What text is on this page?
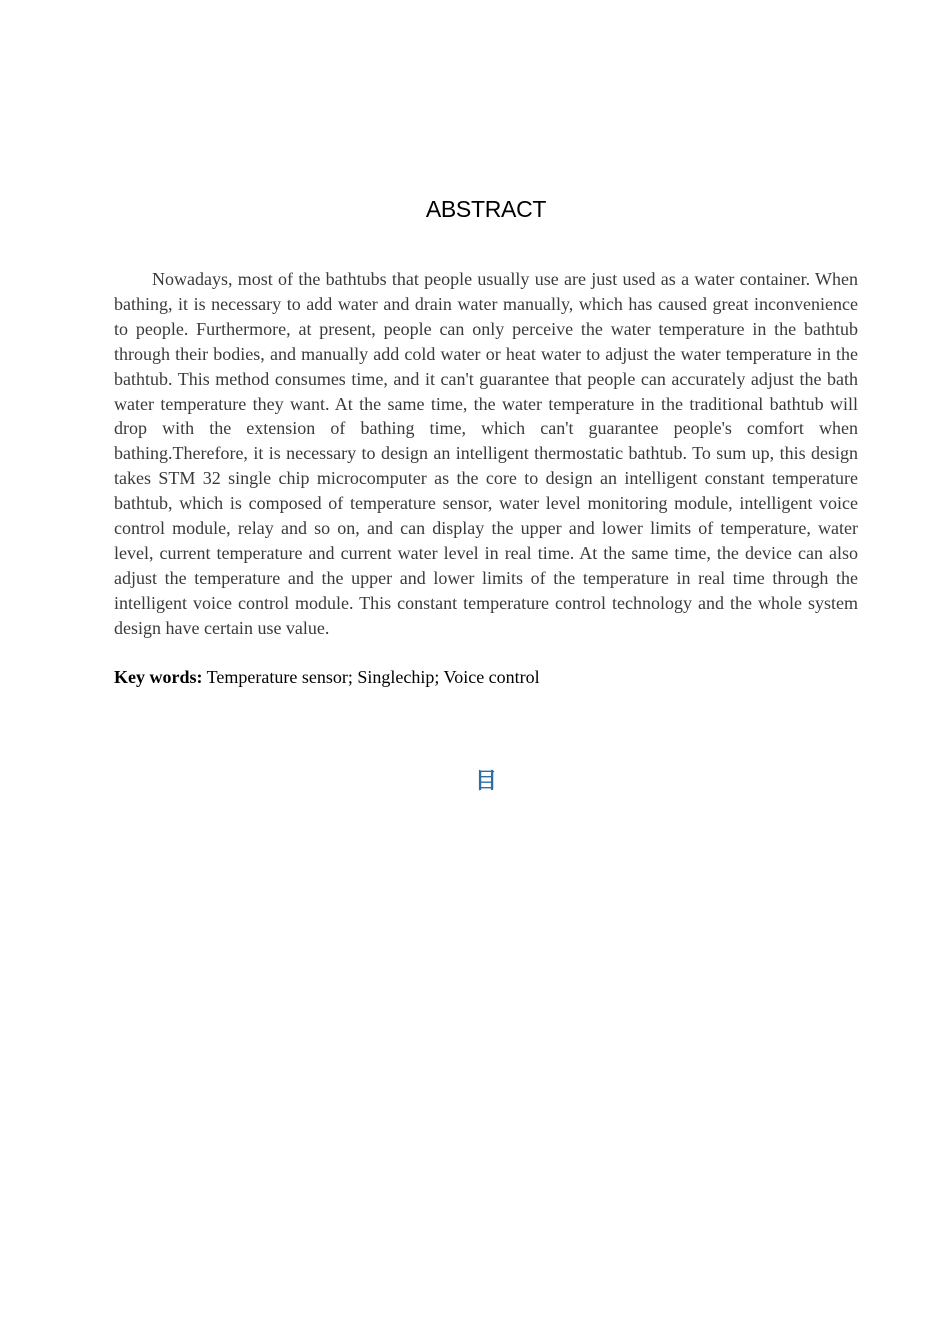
ABSTRACT

Nowadays, most of the bathtubs that people usually use are just used as a water container. When bathing, it is necessary to add water and drain water manually, which has caused great inconvenience to people. Furthermore, at present, people can only perceive the water temperature in the bathtub through their bodies, and manually add cold water or heat water to adjust the water temperature in the bathtub. This method consumes time, and it can't guarantee that people can accurately adjust the bath water temperature they want. At the same time, the water temperature in the traditional bathtub will drop with the extension of bathing time, which can't guarantee people's comfort when bathing.Therefore, it is necessary to design an intelligent thermostatic bathtub. To sum up, this design takes STM 32 single chip microcomputer as the core to design an intelligent constant temperature bathtub, which is composed of temperature sensor, water level monitoring module, intelligent voice control module, relay and so on, and can display the upper and lower limits of temperature, water level, current temperature and current water level in real time. At the same time, the device can also adjust the temperature and the upper and lower limits of the temperature in real time through the intelligent voice control module. This constant temperature control technology and the whole system design have certain use value.

Key words: Temperature sensor; Singlechip; Voice control

目
